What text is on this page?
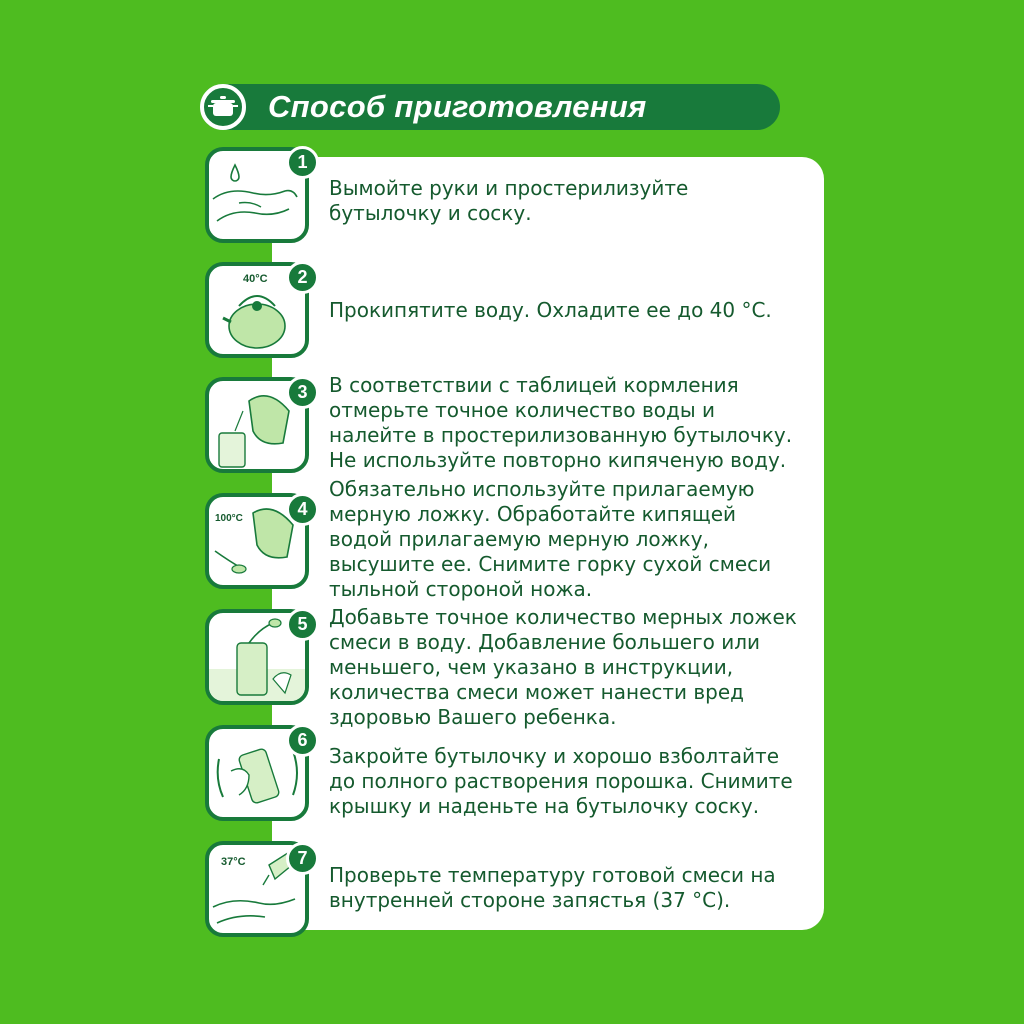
Способ приготовления
1
Вымойте руки и простерилизуйте бутылочку и соску.
40°C	2
Прокипятите воду. Охладите ее до 40 °С.
3	В соответствии с таблицей кормления отмерьте точное количество воды и налейте в простерилизованную бутылочку. Не используйте повторно кипяченую воду.
100°C	4
Обязательно используйте прилагаемую мерную ложку. Обработайте кипящей водой прилагаемую мерную ложку, высушите ее. Снимите горку сухой смеси тыльной стороной ножа.
5	Добавьте точное количество мерных ложек смеси в воду. Добавление большего или меньшего, чем указано в инструкции, количества смеси может нанести вред здоровью Вашего ребенка.
6
Закройте бутылочку и хорошо взболтайте до полного растворения порошка. Снимите крышку и наденьте на бутылочку соску.
37°C	7
Проверьте температуру готовой смеси на внутренней стороне запястья (37 °С).
